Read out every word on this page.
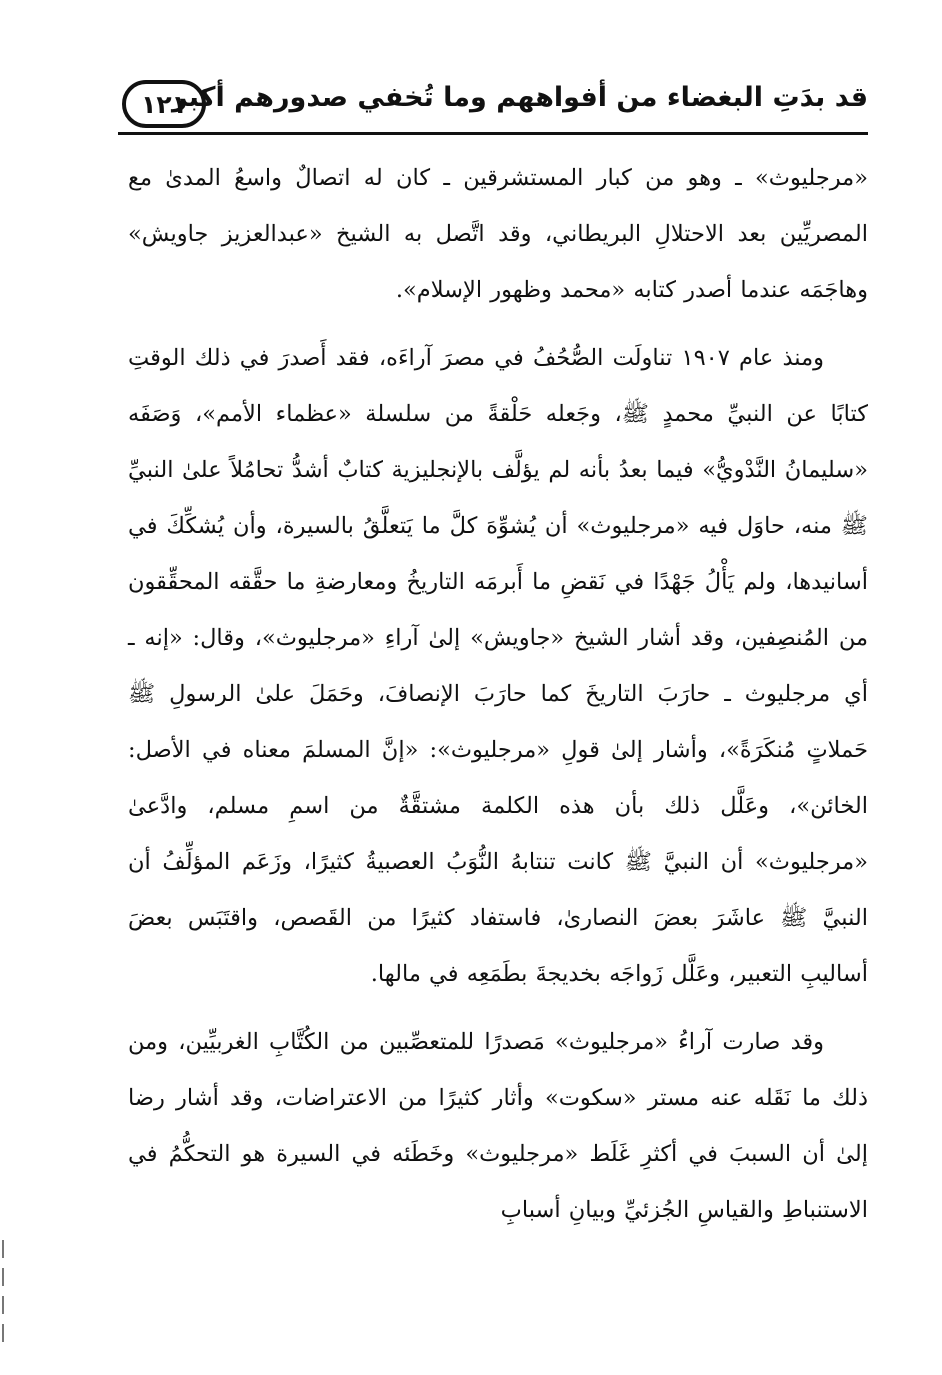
١٢١
قد بدَتِ البغضاء من أفواههم وما تُخفي صدورهم أكبر

«مرجليوث» ـ وهو من كبار المستشرقين ـ كان له اتصالٌ واسعُ المدىٰ مع المصريِّين بعد الاحتلالِ البريطاني، وقد اتَّصل به الشيخ «عبدالعزيز جاويش» وهاجَمَه عندما أصدر كتابه «محمد وظهور الإسلام».

ومنذ عام ١٩٠٧ تناولَت الصُّحُفُ في مصرَ آراءَه، فقد أَصدرَ في ذلك الوقتِ كتابًا عن النبيِّ محمدٍ ﷺ، وجَعله حَلْقةً من سلسلة «عظماء الأمم»، وَصَفَه «سليمانُ النَّدْويُّ» فيما بعدُ بأنه لم يؤلَّف بالإنجليزية كتابٌ أشدُّ تحامُلاً علىٰ النبيِّ ﷺ منه، حاوَل فيه «مرجليوث» أن يُشوِّهَ كلَّ ما يَتعلَّقُ بالسيرة، وأن يُشكِّكَ في أسانيدها، ولم يَأْلُ جَهْدًا في نَقضِ ما أَبرمَه التاريخُ ومعارضةِ ما حقَّقه المحقِّقون من المُنصِفين، وقد أشار الشيخ «جاويش» إلىٰ آراءِ «مرجليوث»، وقال: «إنه ـ أي مرجليوث ـ حارَبَ التاريخَ كما حارَبَ الإنصافَ، وحَمَلَ علىٰ الرسولِ ﷺ حَملاتٍ مُنكَرَةً»، وأشار إلىٰ قولِ «مرجليوث»: «إنَّ المسلمَ معناه في الأصل: الخائن»، وعَلَّل ذلك بأن هذه الكلمة مشتقَّةٌ من اسمِ مسلم، وادَّعىٰ «مرجليوث» أن النبيَّ ﷺ كانت تنتابهُ النُّوَبُ العصبيةُ كثيرًا، وزَعَم المؤلِّفُ أن النبيَّ ﷺ عاشَرَ بعضَ النصارىٰ، فاستفاد كثيرًا من القَصص، واقتَبَس بعضَ أساليبِ التعبير، وعَلَّل زَواجَه بخديجةَ بطَمَعِه في مالها.

وقد صارت آراءُ «مرجليوث» مَصدرًا للمتعصِّبين من الكُتَّابِ الغربيِّين، ومن ذلك ما نَقَله عنه مستر «سكوت» وأثار كثيرًا من الاعتراضات، وقد أشار رضا إلىٰ أن السببَ في أكثرِ غَلَط «مرجليوث» وخَطَئه في السيرة هو التحكُّمُ في الاستنباطِ والقياسِ الجُزئيِّ وبيانِ أسبابِ
